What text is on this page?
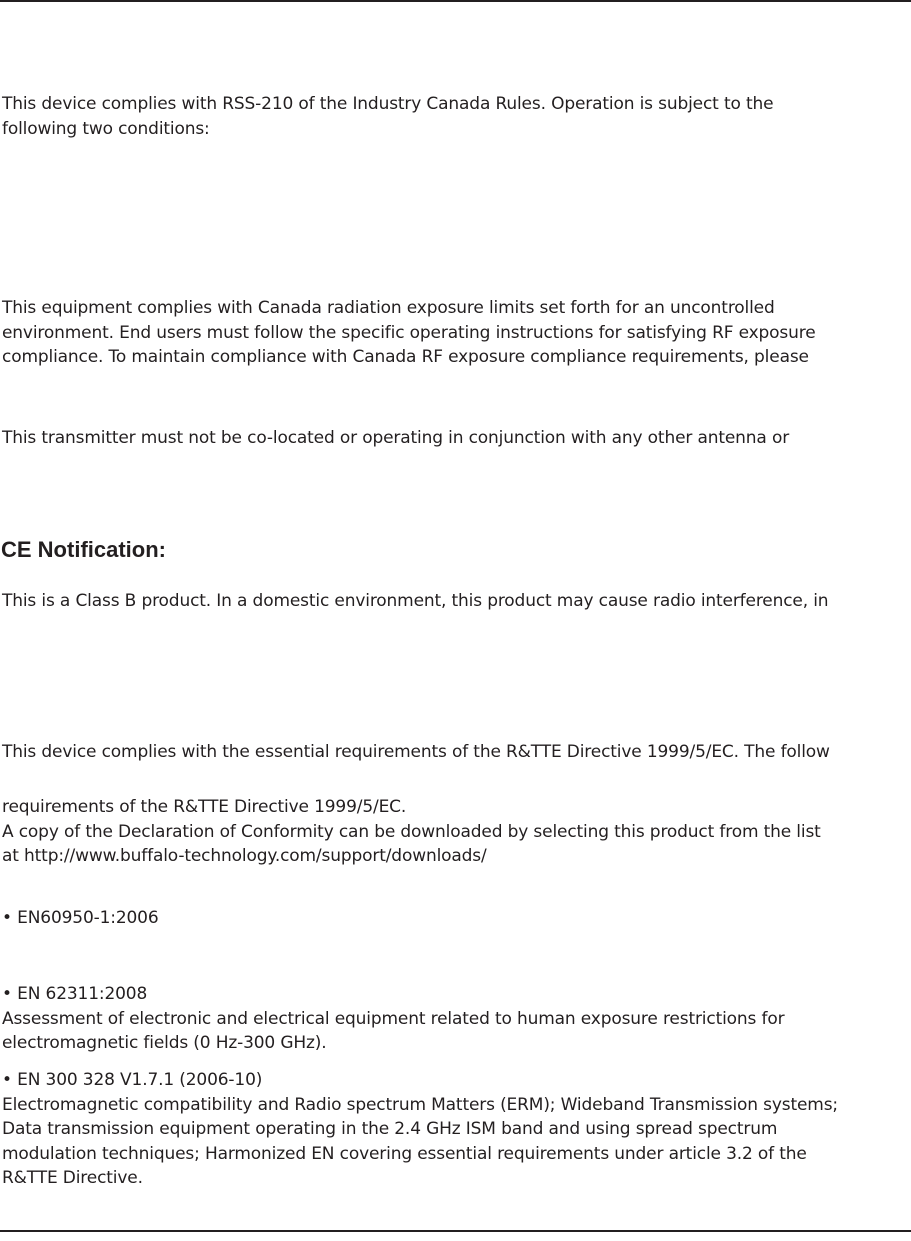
This device complies with RSS-210 of the Industry Canada Rules. Operation is subject to the
following two conditions:

This equipment complies with Canada radiation exposure limits set forth for an uncontrolled
environment. End users must follow the specific operating instructions for satisfying RF exposure
compliance. To maintain compliance with Canada RF exposure compliance requirements, please

This transmitter must not be co-located or operating in conjunction with any other antenna or

CE Notification:

This is a Class B product. In a domestic environment, this product may cause radio interference, in

This device complies with the essential requirements of the R&TTE Directive 1999/5/EC. The follow

requirements of the R&TTE Directive 1999/5/EC.
A copy of the Declaration of Conformity can be downloaded by selecting this product from the list
at http://www.buffalo-technology.com/support/downloads/

• EN60950-1:2006

• EN 62311:2008
Assessment of electronic and electrical equipment related to human exposure restrictions for
electromagnetic fields (0 Hz-300 GHz).

• EN 300 328 V1.7.1 (2006-10)
Electromagnetic compatibility and Radio spectrum Matters (ERM); Wideband Transmission systems;
Data transmission equipment operating in the 2.4 GHz ISM band and using spread spectrum
modulation techniques; Harmonized EN covering essential requirements under article 3.2 of the
R&TTE Directive.
